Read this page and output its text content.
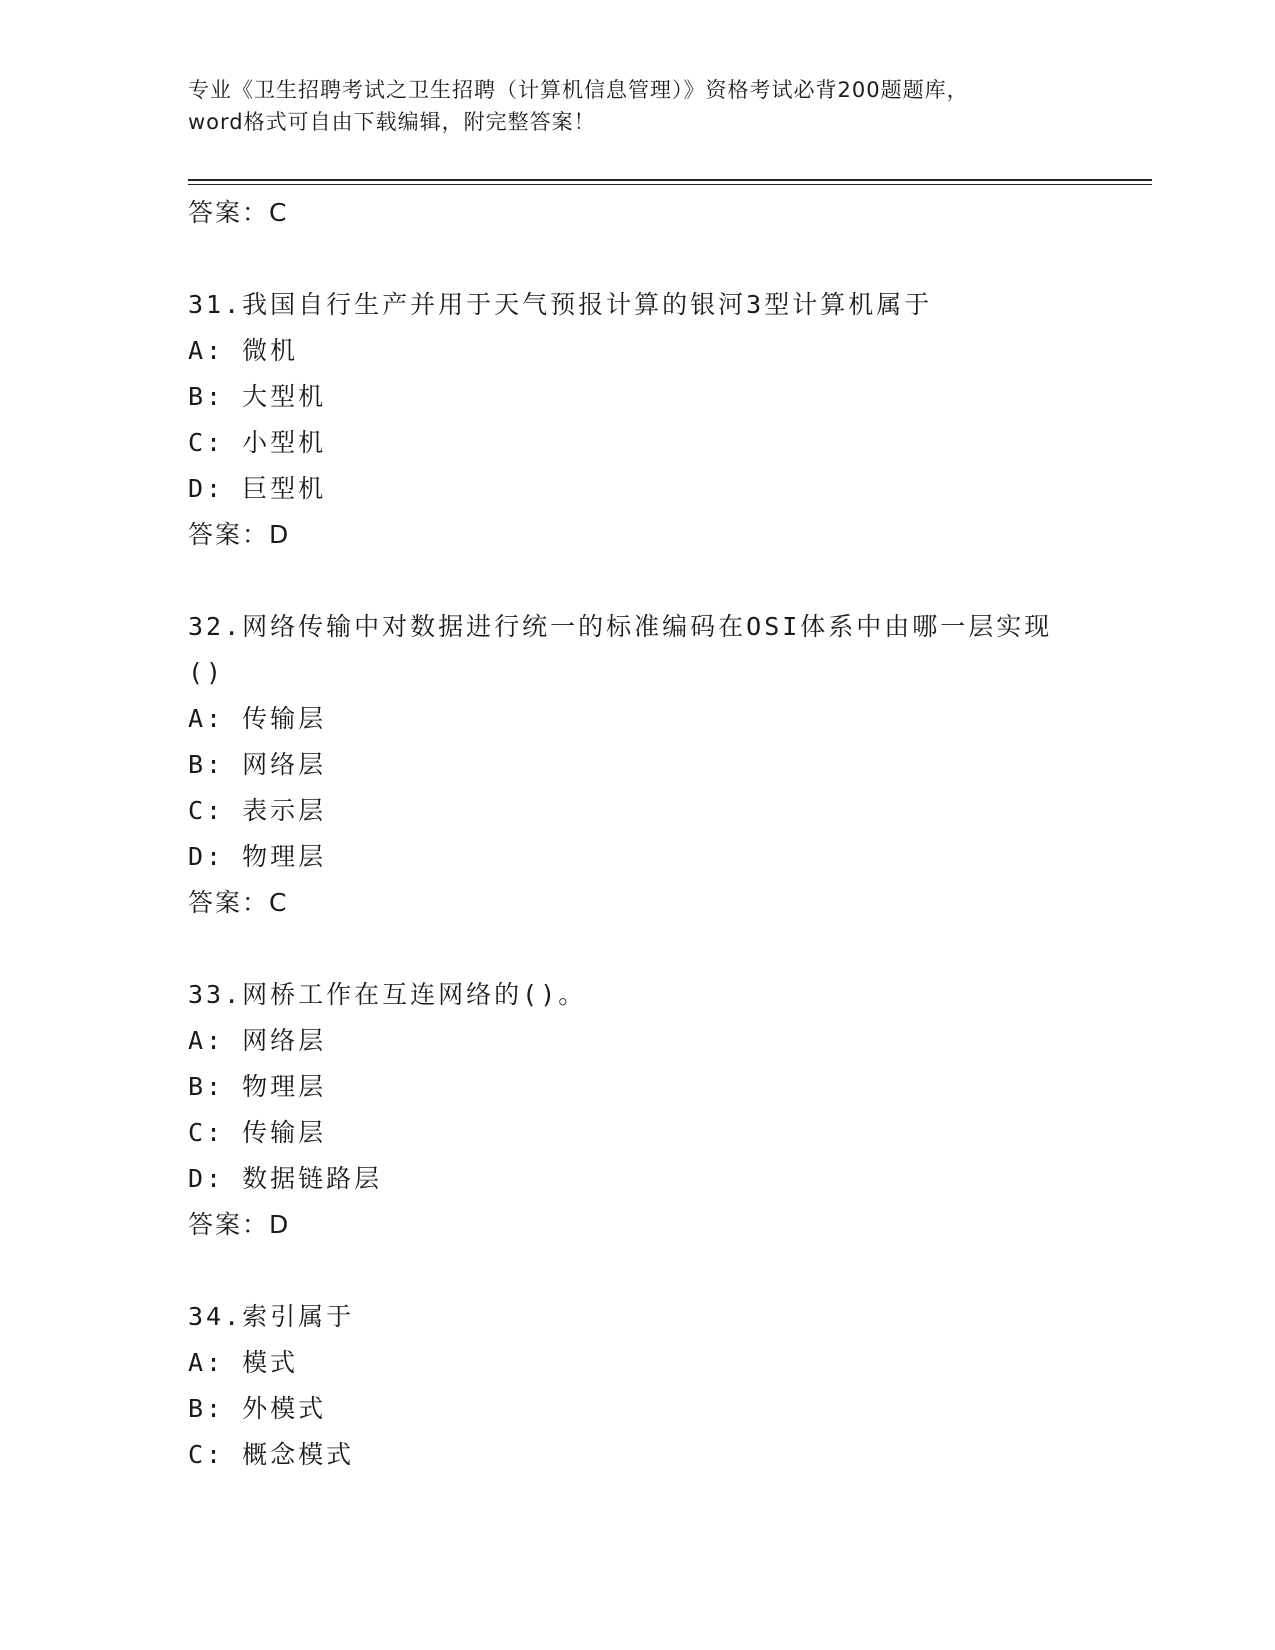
专业《卫生招聘考试之卫生招聘（计算机信息管理）》资格考试必背200题题库，
word格式可自由下载编辑，附完整答案！
答案：C
31.我国自行生产并用于天气预报计算的银河3型计算机属于
A: 微机
B: 大型机
C: 小型机
D: 巨型机
答案：D
32.网络传输中对数据进行统一的标准编码在OSI体系中由哪一层实现
()
A: 传输层
B: 网络层
C: 表示层
D: 物理层
答案：C
33.网桥工作在互连网络的()。
A: 网络层
B: 物理层
C: 传输层
D: 数据链路层
答案：D
34.索引属于
A: 模式
B: 外模式
C: 概念模式
